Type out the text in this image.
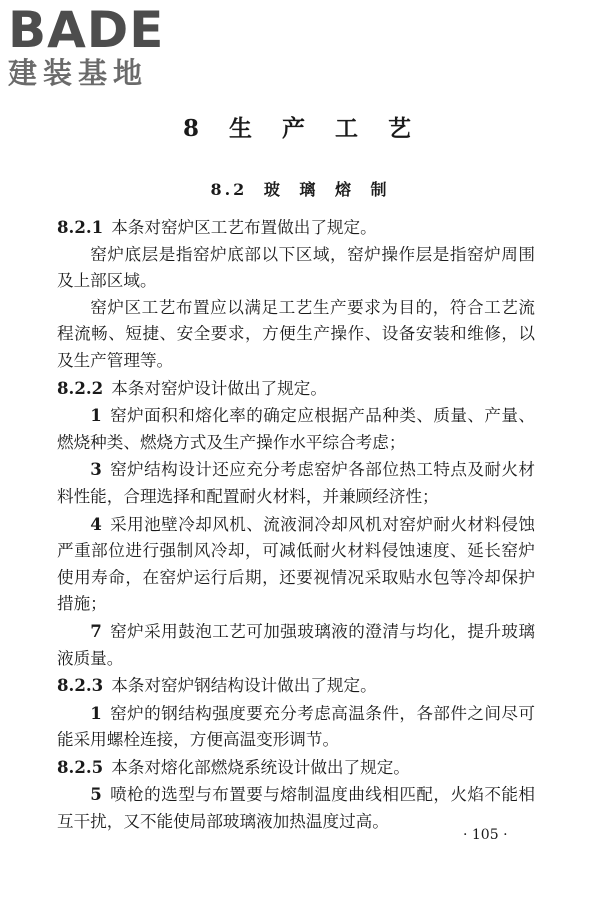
BADE
建装基地
8 生 产 工 艺
8.2 玻 璃 熔 制

8.2.1 本条对窑炉区工艺布置做出了规定。

窑炉底层是指窑炉底部以下区域，窑炉操作层是指窑炉周围及上部区域。

窑炉区工艺布置应以满足工艺生产要求为目的，符合工艺流程流畅、短捷、安全要求，方便生产操作、设备安装和维修，以及生产管理等。

8.2.2 本条对窑炉设计做出了规定。

1 窑炉面积和熔化率的确定应根据产品种类、质量、产量、燃烧种类、燃烧方式及生产操作水平综合考虑；

3 窑炉结构设计还应充分考虑窑炉各部位热工特点及耐火材料性能，合理选择和配置耐火材料，并兼顾经济性；

4 采用池壁冷却风机、流液洞冷却风机对窑炉耐火材料侵蚀严重部位进行强制风冷却，可减低耐火材料侵蚀速度、延长窑炉使用寿命，在窑炉运行后期，还要视情况采取贴水包等冷却保护措施；

7 窑炉采用鼓泡工艺可加强玻璃液的澄清与均化，提升玻璃液质量。

8.2.3 本条对窑炉钢结构设计做出了规定。

1 窑炉的钢结构强度要充分考虑高温条件，各部件之间尽可能采用螺栓连接，方便高温变形调节。

8.2.5 本条对熔化部燃烧系统设计做出了规定。

5 喷枪的选型与布置要与熔制温度曲线相匹配，火焰不能相互干扰，又不能使局部玻璃液加热温度过高。

· 105 ·
